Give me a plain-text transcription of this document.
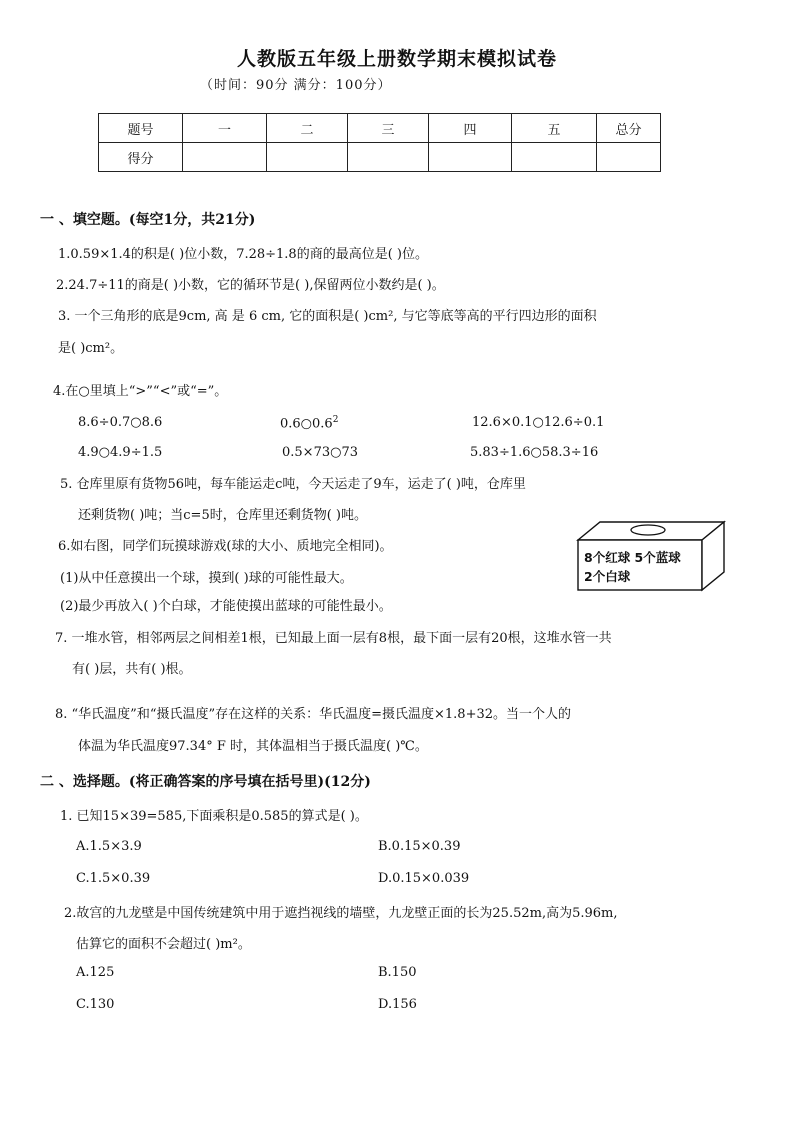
人教版五年级上册数学期末模拟试卷
（时间：90分 满分：100分）
题号	一	二	三	四	五	总分
得分						
一 、填空题。(每空1分，共21分)
1.0.59×1.4的积是( )位小数，7.28÷1.8的商的最高位是( )位。
2.24.7÷11的商是( )小数，它的循环节是( ),保留两位小数约是( )。
3. 一个三角形的底是9cm, 高 是 6 cm, 它的面积是( )cm², 与它等底等高的平行四边形的面积
是( )cm²。
4.在○里填上“>”“<”或“=”。
8.6÷0.7○8.6	$0.6○0.6^2$	12.6×0.1○12.6÷0.1
4.9○4.9÷1.5	0.5×73○73	5.83÷1.6○58.3÷16
5. 仓库里原有货物56吨，每车能运走c吨，今天运走了9车，运走了( )吨，仓库里
还剩货物( )吨；当c=5时，仓库里还剩货物( )吨。
6.如右图，同学们玩摸球游戏(球的大小、质地完全相同)。
(1)从中任意摸出一个球，摸到( )球的可能性最大。
(2)最少再放入( )个白球，才能使摸出蓝球的可能性最小。
8个红球 5个蓝球
2个白球
7. 一堆水管，相邻两层之间相差1根，已知最上面一层有8根，最下面一层有20根，这堆水管一共
有( )层，共有( )根。
8. “华氏温度”和“摄氏温度”存在这样的关系：华氏温度=摄氏温度×1.8+32。当一个人的
体温为华氏温度97.34° F 时，其体温相当于摄氏温度( )℃。
二 、选择题。(将正确答案的序号填在括号里)(12分)
1. 已知15×39=585,下面乘积是0.585的算式是( )。
A.1.5×3.9	B.0.15×0.39
C.1.5×0.39	D.0.15×0.039
2.故宫的九龙壁是中国传统建筑中用于遮挡视线的墙壁，九龙壁正面的长为25.52m,高为5.96m,
估算它的面积不会超过( )m²。
A.125	B.150
C.130	D.156
